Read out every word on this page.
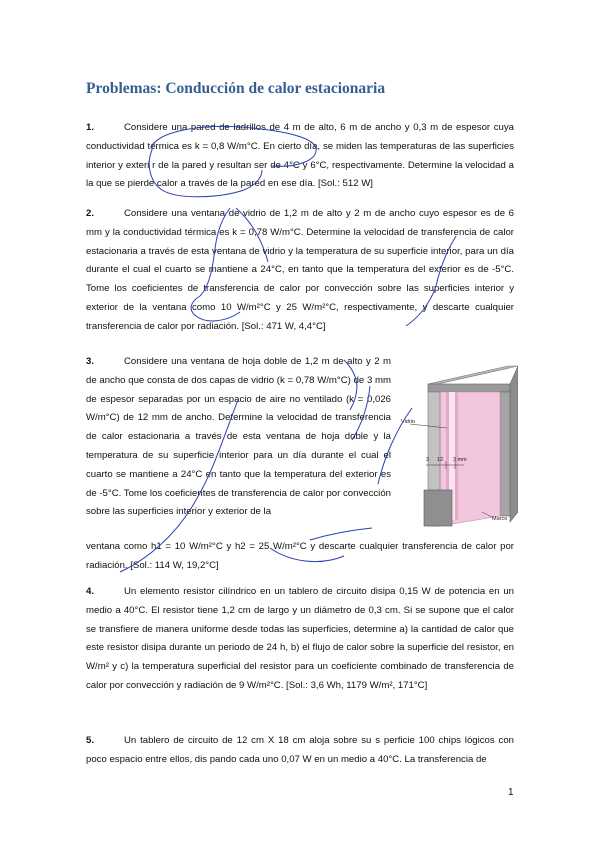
Problemas: Conducción de calor estacionaria
1.	Considere una pared de ladrillos de 4 m de alto, 6 m de ancho y 0,3 m de espesor cuya conductividad térmica es k = 0,8 W/m°C. En cierto día, se miden las temperaturas de las superficies interior y exteri r de la pared y resultan ser de 4°C y 6°C, respectivamente. Determine la velocidad a la que se pierde calor a través de la pared en ese día. [Sol.: 512 W]
2.	Considere una ventana de vidrio de 1,2 m de alto y 2 m de ancho cuyo espesor es de 6 mm y la conductividad térmica es k = 0,78 W/m°C. Determine la velocidad de transferencia de calor estacionaria a través de esta ventana de vidrio y la temperatura de su superficie interior, para un día durante el cual el cuarto se mantiene a 24°C, en tanto que la temperatura del exterior es de -5°C. Tome los coeficientes de transferencia de calor por convección sobre las superficies interior y exterior de la ventana como 10 W/m²°C y 25 W/m²°C, respectivamente, y descarte cualquier transferencia de calor por radiación. [Sol.: 471 W, 4,4°C]
3.	Considere una ventana de hoja doble de 1,2 m de alto y 2 m de ancho que consta de dos capas de vidrio (k = 0,78 W/m°C) de 3 mm de espesor separadas por un espacio de aire no ventilado (k = 0,026 W/m°C) de 12 mm de ancho. Determine la velocidad de transferencia de calor estacionaria a través de esta ventana de hoja doble y la temperatura de su superficie interior para un día durante el cual el cuarto se mantiene a 24°C en tanto que la temperatura del exterior es de -5°C. Tome los coeficientes de transferencia de calor por convección sobre las superficies interior y exterior de la
ventana como h1 = 10 W/m²°C y h2 = 25 W/m²°C y descarte cualquier transferencia de calor por radiación. [Sol.: 114 W, 19,2°C]
4.	Un elemento resistor cilíndrico en un tablero de circuito disipa 0,15 W de potencia en un medio a 40°C. El resistor tiene 1,2 cm de largo y un diámetro de 0,3 cm. Si se supone que el calor se transfiere de manera uniforme desde todas las superficies, determine a) la cantidad de calor que este resistor disipa durante un periodo de 24 h, b) el flujo de calor sobre la superficie del resistor, en W/m² y c) la temperatura superficial del resistor para un coeficiente combinado de transferencia de calor por convección y radiación de 9 W/m²°C. [Sol.: 3,6 Wh, 1179 W/m², 171°C]
5.	Un tablero de circuito de 12 cm X 18 cm aloja sobre su s perficie 100 chips lógicos con poco espacio entre ellos, dis pando cada uno 0,07 W en un medio a 40°C. La transferencia de
Vidrio
3 12 3 mm
Marco
1
